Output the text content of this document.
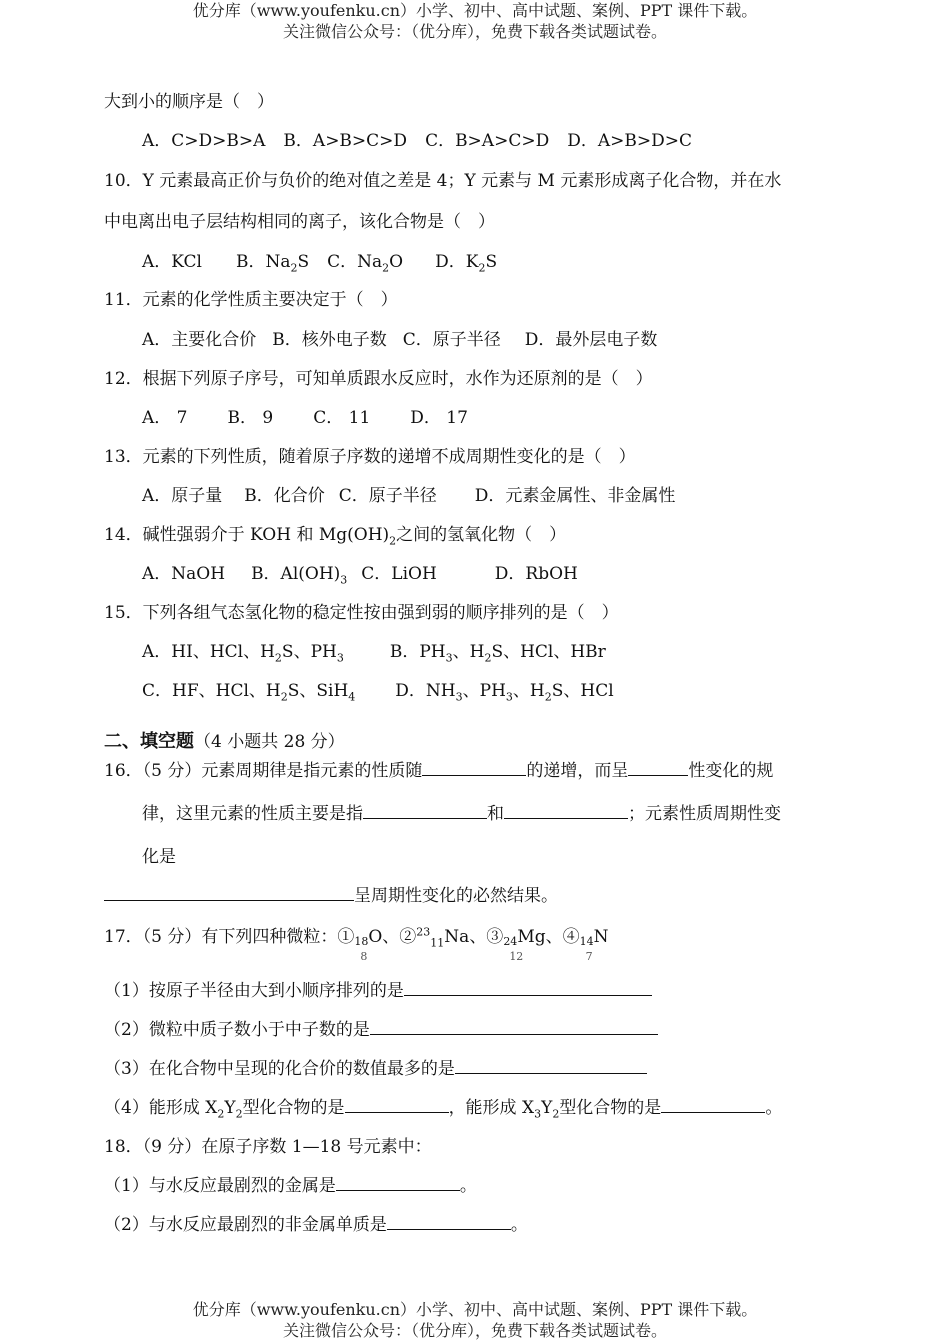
优分库（www.youfenku.cn）小学、初中、高中试题、案例、PPT 课件下载。
关注微信公众号：（优分库），免费下载各类试题试卷。
大到小的顺序是（　）
A．C>D>B>A B．A>B>C>D C．B>A>C>D D．A>B>D>C
10．Y 元素最高正价与负价的绝对值之差是 4；Y 元素与 M 元素形成离子化合物，并在水
中电离出电子层结构相同的离子，该化合物是（　）
A．KCl B．$Na_2S$ C．$Na_2O$ D．$K_2S$
11．元素的化学性质主要决定于（　）
A．主要化合价 B．核外电子数 C．原子半径 D．最外层电子数
12．根据下列原子序号，可知单质跟水反应时，水作为还原剂的是（　）
A． 7 B． 9 C． 11 D． 17
13．元素的下列性质，随着原子序数的递增不成周期性变化的是（　）
A．原子量 B．化合价 C．原子半径 D．元素金属性、非金属性
14．碱性强弱介于 KOH 和 $Mg(OH)_2$之间的氢氧化物（　）
A．NaOH B．$Al(OH)_3$ C．LiOH	D．RbOH
15．下列各组气态氢化物的稳定性按由强到弱的顺序排列的是（　）
A．HI、HCl、$H_2S$、$PH_3$	B．$PH_3$、$H_2S$、HCl、HBr
C．HF、HCl、$H_2S$、SiH$_4$ D．$NH_3$、$PH_3$、$H_2S$、HCl
二、填空题（4 小题共 28 分）
16．（5 分）元素周期律是指元素的性质随	的递增，而呈	性变化的规
律，这里元素的性质主要是指	和	；元素性质周期性变
化是
呈周期性变化的必然结果。
17．（5 分）有下列四种微粒：①18O
8
、②$^{23}_{11}$Na、③24Mg
12
、④14N
7
（1）按原子半径由大到小顺序排列的是
（2）微粒中质子数小于中子数的是
（3）在化合物中呈现的化合价的数值最多的是
（4）能形成 $X_2Y_2$型化合物的是	，能形成 $X_3Y_2$型化合物的是	。
18．（9 分）在原子序数 1—18 号元素中：
（1）与水反应最剧烈的金属是	。
（2）与水反应最剧烈的非金属单质是	。
优分库（www.youfenku.cn）小学、初中、高中试题、案例、PPT 课件下载。
关注微信公众号：（优分库），免费下载各类试题试卷。
